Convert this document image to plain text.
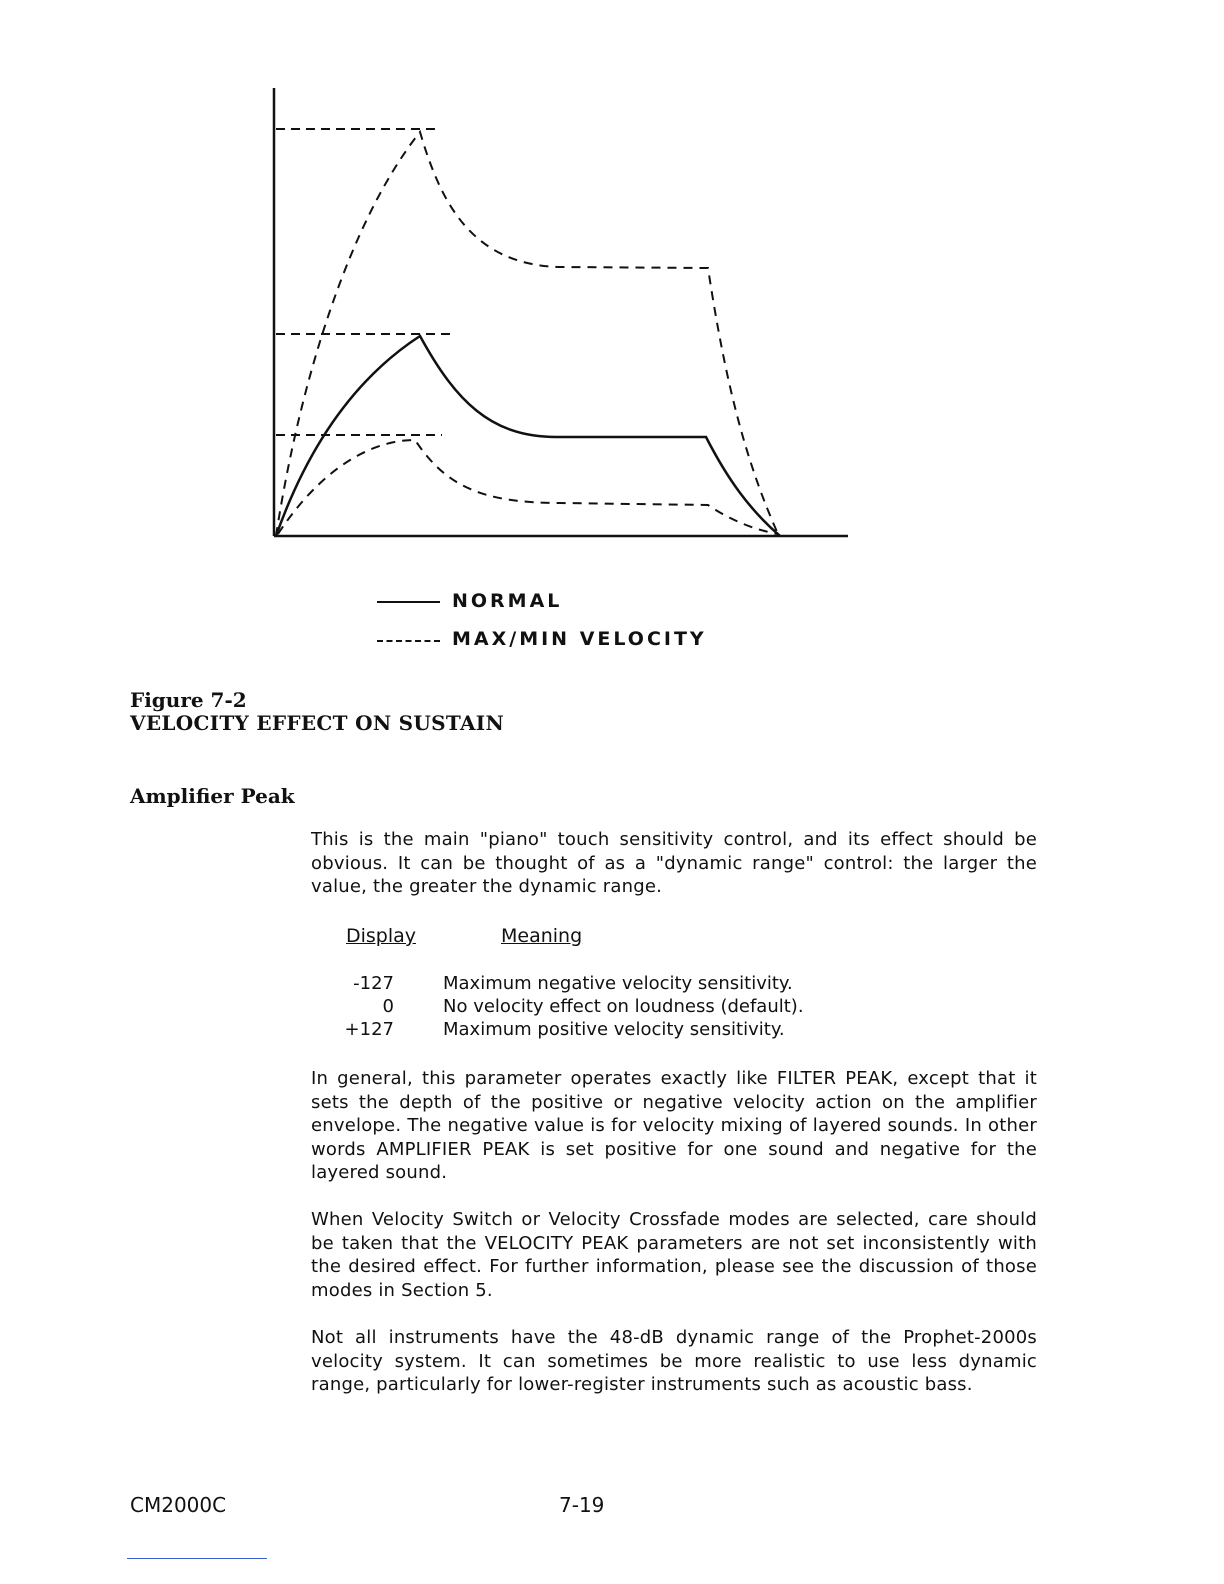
NORMAL
MAX/MIN VELOCITY
Figure 7-2
VELOCITY EFFECT ON SUSTAIN
Amplifier Peak

This is the main "piano" touch sensitivity control, and its effect should be obvious. It can be thought of as a "dynamic range" control: the larger the value, the greater the dynamic range.

Display	Meaning
-127	Maximum negative velocity sensitivity.
0	No velocity effect on loudness (default).
+127	Maximum positive velocity sensitivity.

In general, this parameter operates exactly like FILTER PEAK, except that it sets the depth of the positive or negative velocity action on the amplifier envelope. The negative value is for velocity mixing of layered sounds. In other words AMPLIFIER PEAK is set positive for one sound and negative for the layered sound.

When Velocity Switch or Velocity Crossfade modes are selected, care should be taken that the VELOCITY PEAK parameters are not set inconsistently with the desired effect. For further information, please see the discussion of those modes in Section 5.

Not all instruments have the 48-dB dynamic range of the Prophet-2000s velocity system. It can sometimes be more realistic to use less dynamic range, particularly for lower-register instruments such as acoustic bass.

CM2000C	7-19
